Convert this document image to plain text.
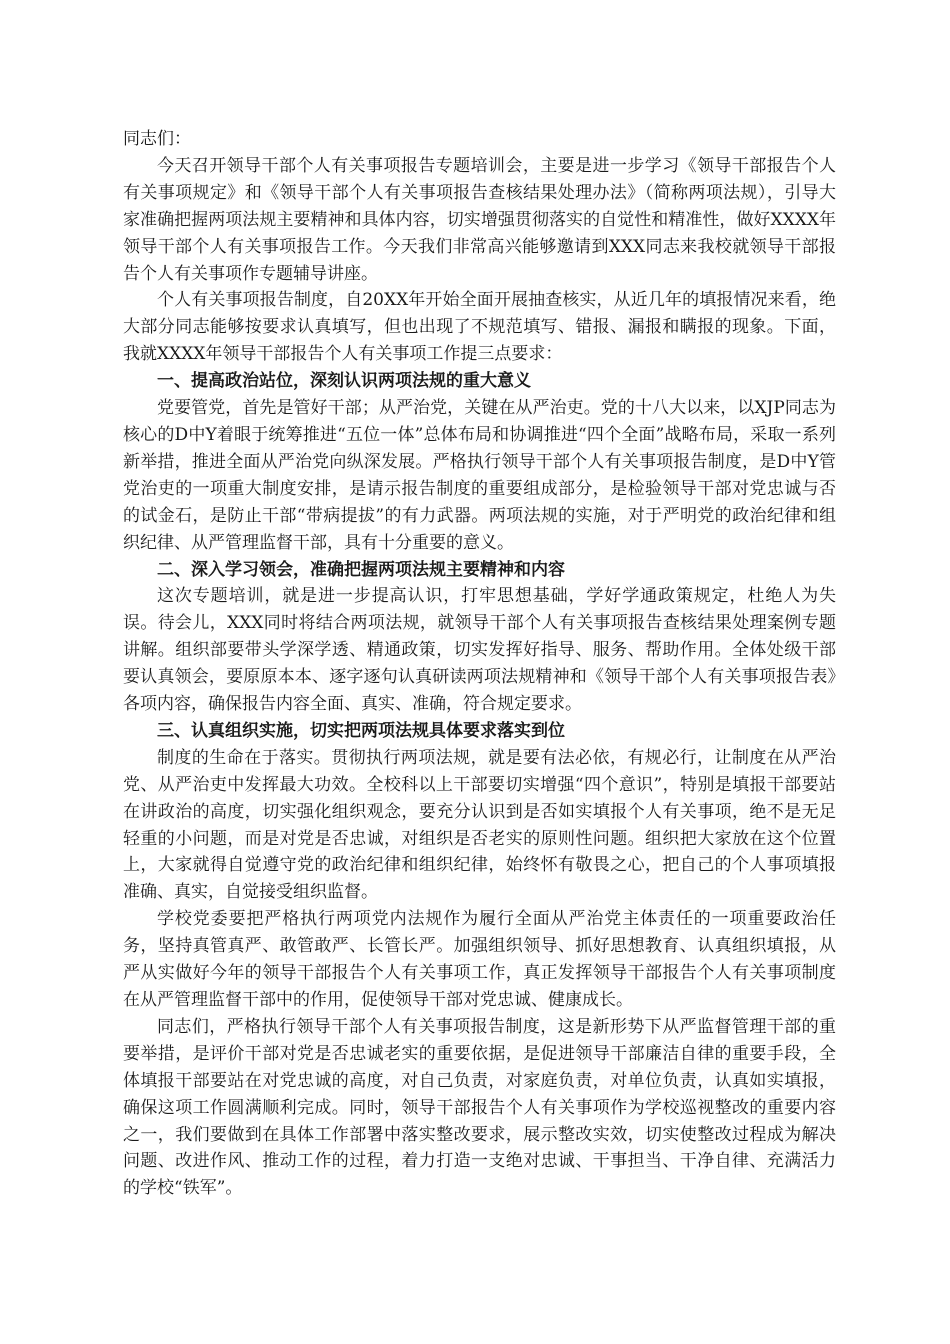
同志们：

今天召开领导干部个人有关事项报告专题培训会，主要是进一步学习《领导干部报告个人有关事项规定》和《领导干部个人有关事项报告查核结果处理办法》（简称两项法规），引导大家准确把握两项法规主要精神和具体内容，切实增强贯彻落实的自觉性和精准性，做好XXXX年领导干部个人有关事项报告工作。今天我们非常高兴能够邀请到XXX同志来我校就领导干部报告个人有关事项作专题辅导讲座。

个人有关事项报告制度，自20XX年开始全面开展抽查核实，从近几年的填报情况来看，绝大部分同志能够按要求认真填写，但也出现了不规范填写、错报、漏报和瞒报的现象。下面，我就XXXX年领导干部报告个人有关事项工作提三点要求：

一、提高政治站位，深刻认识两项法规的重大意义

党要管党，首先是管好干部；从严治党，关键在从严治吏。党的十八大以来，以XJP同志为核心的D中Y着眼于统筹推进“五位一体”总体布局和协调推进“四个全面”战略布局，采取一系列新举措，推进全面从严治党向纵深发展。严格执行领导干部个人有关事项报告制度，是D中Y管党治吏的一项重大制度安排，是请示报告制度的重要组成部分，是检验领导干部对党忠诚与否的试金石，是防止干部“带病提拔”的有力武器。两项法规的实施，对于严明党的政治纪律和组织纪律、从严管理监督干部，具有十分重要的意义。

二、深入学习领会，准确把握两项法规主要精神和内容

这次专题培训，就是进一步提高认识，打牢思想基础，学好学通政策规定，杜绝人为失误。待会儿，XXX同时将结合两项法规，就领导干部个人有关事项报告查核结果处理案例专题讲解。组织部要带头学深学透、精通政策，切实发挥好指导、服务、帮助作用。全体处级干部要认真领会，要原原本本、逐字逐句认真研读两项法规精神和《领导干部个人有关事项报告表》各项内容，确保报告内容全面、真实、准确，符合规定要求。

三、认真组织实施，切实把两项法规具体要求落实到位

制度的生命在于落实。贯彻执行两项法规，就是要有法必依，有规必行，让制度在从严治党、从严治吏中发挥最大功效。全校科以上干部要切实增强“四个意识”，特别是填报干部要站在讲政治的高度，切实强化组织观念，要充分认识到是否如实填报个人有关事项，绝不是无足轻重的小问题，而是对党是否忠诚，对组织是否老实的原则性问题。组织把大家放在这个位置上，大家就得自觉遵守党的政治纪律和组织纪律，始终怀有敬畏之心，把自己的个人事项填报准确、真实，自觉接受组织监督。

学校党委要把严格执行两项党内法规作为履行全面从严治党主体责任的一项重要政治任务，坚持真管真严、敢管敢严、长管长严。加强组织领导、抓好思想教育、认真组织填报，从严从实做好今年的领导干部报告个人有关事项工作，真正发挥领导干部报告个人有关事项制度在从严管理监督干部中的作用，促使领导干部对党忠诚、健康成长。

同志们，严格执行领导干部个人有关事项报告制度，这是新形势下从严监督管理干部的重要举措，是评价干部对党是否忠诚老实的重要依据，是促进领导干部廉洁自律的重要手段，全体填报干部要站在对党忠诚的高度，对自己负责，对家庭负责，对单位负责，认真如实填报，确保这项工作圆满顺利完成。同时，领导干部报告个人有关事项作为学校巡视整改的重要内容之一，我们要做到在具体工作部署中落实整改要求，展示整改实效，切实使整改过程成为解决问题、改进作风、推动工作的过程，着力打造一支绝对忠诚、干事担当、干净自律、充满活力的学校“铁军”。
